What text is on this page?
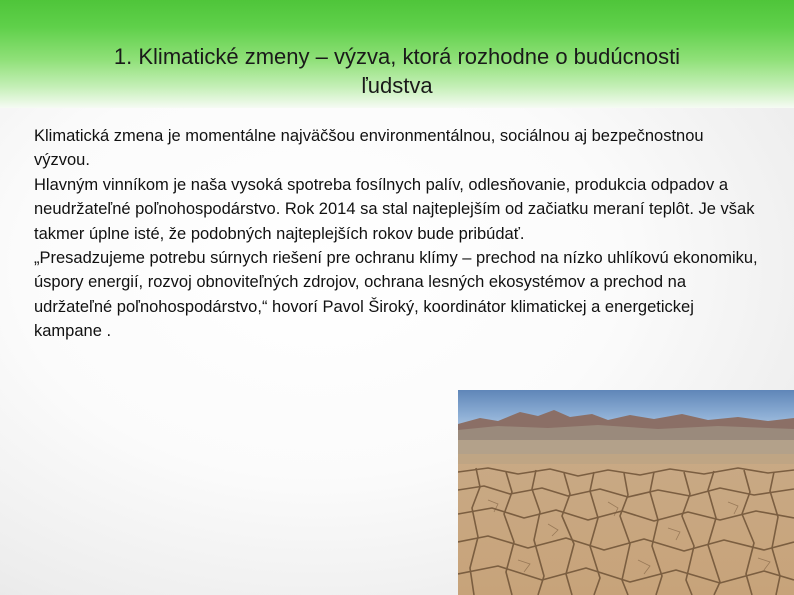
1. Klimatické zmeny – výzva, ktorá rozhodne o budúcnosti
ľudstva

Klimatická zmena je momentálne najväčšou environmentálnou, sociálnou aj bezpečnostnou výzvou.

Hlavným vinníkom je naša vysoká spotreba fosílnych palív, odlesňovanie, produkcia odpadov a neudržateľné poľnohospodárstvo. Rok 2014 sa stal najteplejším od začiatku meraní teplôt. Je však takmer úplne isté, že podobných najteplejších rokov bude pribúdať.

„Presadzujeme potrebu súrnych riešení pre ochranu klímy – prechod na nízko uhlíkovú ekonomiku, úspory energií, rozvoj obnoviteľných zdrojov, ochrana lesných ekosystémov a prechod na udržateľné poľnohospodárstvo,“ hovorí Pavol Široký, koordinátor klimatickej a energetickej kampane .
